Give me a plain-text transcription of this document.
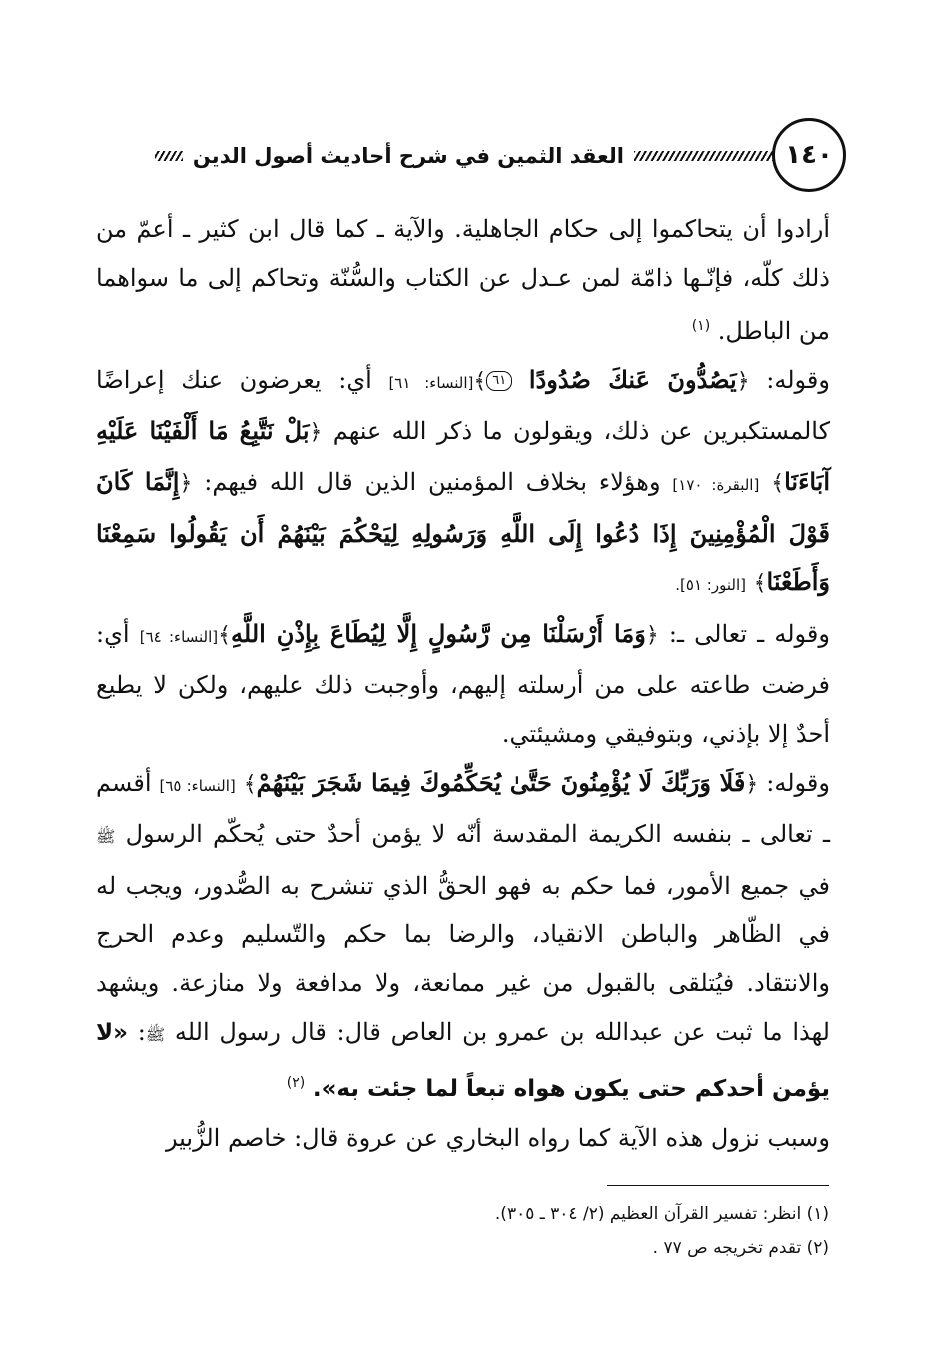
١٤٠
العقد الثمين في شرح أحاديث أصول الدين

أرادوا أن يتحاكموا إلى حكام الجاهلية. والآية ـ كما قال ابن كثير ـ أعمّ من ذلك كلّه، فإنّـها ذامّة لمن عـدل عن الكتاب والسُّنّة وتحاكم إلى ما سواهما من الباطل. $^{(١)}$

وقوله: ﴿يَصُدُّونَ عَنكَ صُدُودًا ٦١﴾[النساء: ٦١] أي: يعرضون عنك إعراضًا كالمستكبرين عن ذلك، ويقولون ما ذكر الله عنهم ﴿بَلْ نَتَّبِعُ مَا أَلْفَيْنَا عَلَيْهِ آبَاءَنَا﴾ [البقرة: ١٧٠] وهؤلاء بخلاف المؤمنين الذين قال الله فيهم: ﴿إِنَّمَا كَانَ قَوْلَ الْمُؤْمِنِينَ إِذَا دُعُوا إِلَى اللَّهِ وَرَسُولِهِ لِيَحْكُمَ بَيْنَهُمْ أَن يَقُولُوا سَمِعْنَا وَأَطَعْنَا﴾ [النور: ٥١].

وقوله ـ تعالى ـ: ﴿وَمَا أَرْسَلْنَا مِن رَّسُولٍ إِلَّا لِيُطَاعَ بِإِذْنِ اللَّهِ﴾[النساء: ٦٤] أي: فرضت طاعته على من أرسلته إليهم، وأوجبت ذلك عليهم، ولكن لا يطيع أحدٌ إلا بإذني، وبتوفيقي ومشيئتي.

وقوله: ﴿فَلَا وَرَبِّكَ لَا يُؤْمِنُونَ حَتَّىٰ يُحَكِّمُوكَ فِيمَا شَجَرَ بَيْنَهُمْ﴾ [النساء: ٦٥] أقسم ـ تعالى ـ بنفسه الكريمة المقدسة أنّه لا يؤمن أحدٌ حتى يُحكّم الرسول ﷺ في جميع الأمور، فما حكم به فهو الحقُّ الذي تنشرح به الصُّدور، ويجب له في الظّاهر والباطن الانقياد، والرضا بما حكم والتّسليم وعدم الحرج والانتقاد. فيُتلقى بالقبول من غير ممانعة، ولا مدافعة ولا منازعة. ويشهد لهذا ما ثبت عن عبدالله بن عمرو بن العاص قال: قال رسول الله ﷺ: «لا يؤمن أحدكم حتى يكون هواه تبعاً لما جئت به». $^{(٢)}$

وسبب نزول هذه الآية كما رواه البخاري عن عروة قال: خاصم الزُّبير

(١) انظر: تفسير القرآن العظيم (٢/ ٣٠٤ ـ ٣٠٥).

(٢) تقدم تخريجه ص ٧٧ .
